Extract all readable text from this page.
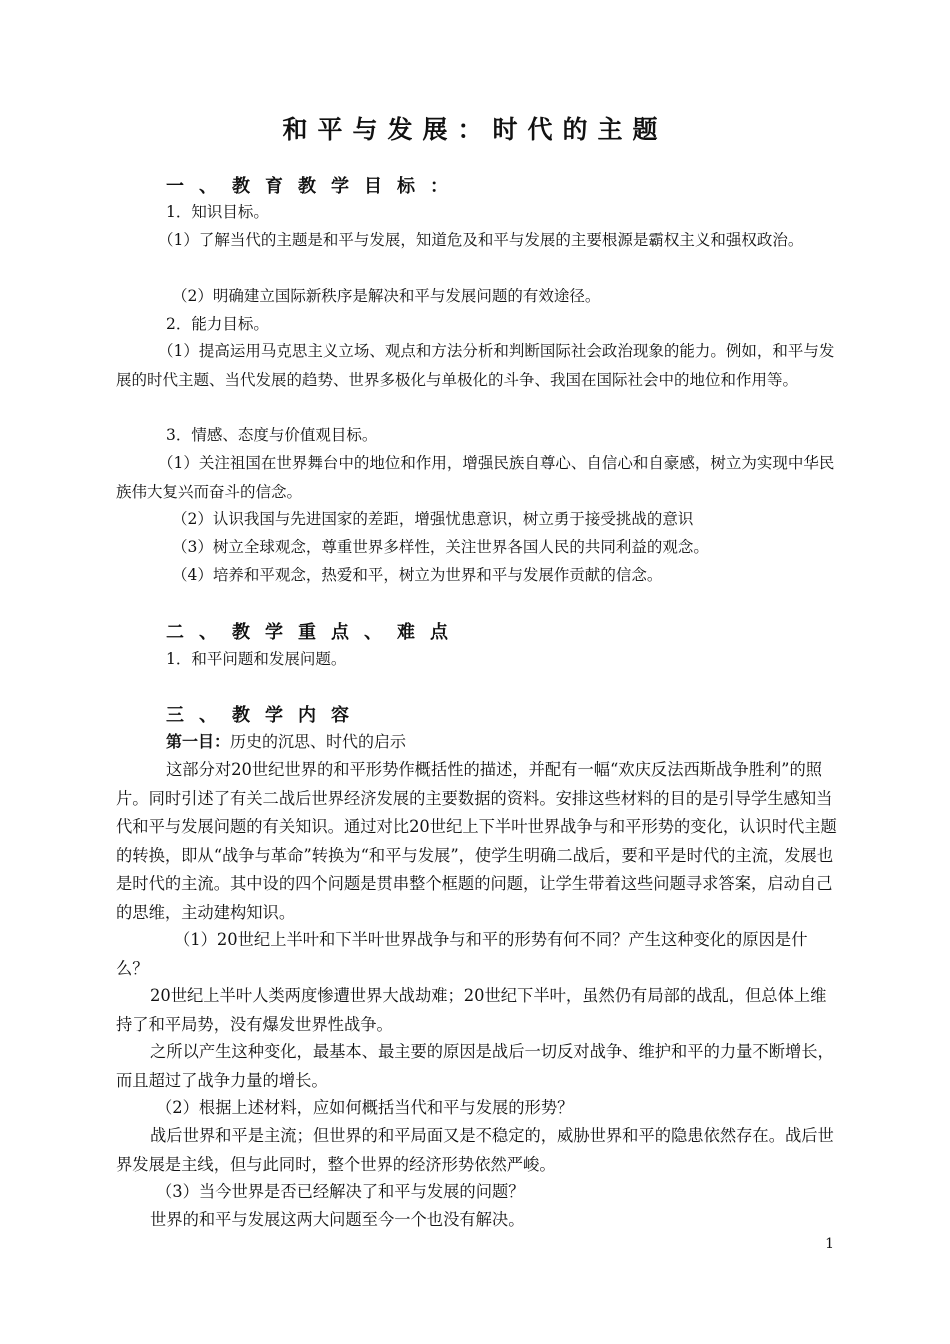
和平与发展：时代的主题
一、教育教学目标：

1．知识目标。

（1）了解当代的主题是和平与发展，知道危及和平与发展的主要根源是霸权主义和强权政治。

（2）明确建立国际新秩序是解决和平与发展问题的有效途径。

2．能力目标。

（1）提高运用马克思主义立场、观点和方法分析和判断国际社会政治现象的能力。例如，和平与发展的时代主题、当代发展的趋势、世界多极化与单极化的斗争、我国在国际社会中的地位和作用等。

3．情感、态度与价值观目标。

（1）关注祖国在世界舞台中的地位和作用，增强民族自尊心、自信心和自豪感，树立为实现中华民族伟大复兴而奋斗的信念。

（2）认识我国与先进国家的差距，增强忧患意识，树立勇于接受挑战的意识

（3）树立全球观念，尊重世界多样性，关注世界各国人民的共同利益的观念。

（4）培养和平观念，热爱和平，树立为世界和平与发展作贡献的信念。

二、教学重点、难点

1．和平问题和发展问题。

三、教学内容

第一目：历史的沉思、时代的启示

这部分对20世纪世界的和平形势作概括性的描述，并配有一幅“欢庆反法西斯战争胜利”的照片。同时引述了有关二战后世界经济发展的主要数据的资料。安排这些材料的目的是引导学生感知当代和平与发展问题的有关知识。通过对比20世纪上下半叶世界战争与和平形势的变化，认识时代主题的转换，即从“战争与革命”转换为“和平与发展”，使学生明确二战后，要和平是时代的主流，发展也是时代的主流。其中设的四个问题是贯串整个框题的问题，让学生带着这些问题寻求答案，启动自己的思维，主动建构知识。

（1）20世纪上半叶和下半叶世界战争与和平的形势有何不同？产生这种变化的原因是什么？

20世纪上半叶人类两度惨遭世界大战劫难；20世纪下半叶，虽然仍有局部的战乱，但总体上维持了和平局势，没有爆发世界性战争。

之所以产生这种变化，最基本、最主要的原因是战后一切反对战争、维护和平的力量不断增长，而且超过了战争力量的增长。

（2）根据上述材料，应如何概括当代和平与发展的形势？

战后世界和平是主流；但世界的和平局面又是不稳定的，威胁世界和平的隐患依然存在。战后世界发展是主线，但与此同时，整个世界的经济形势依然严峻。

（3）当今世界是否已经解决了和平与发展的问题？

世界的和平与发展这两大问题至今一个也没有解决。

1
